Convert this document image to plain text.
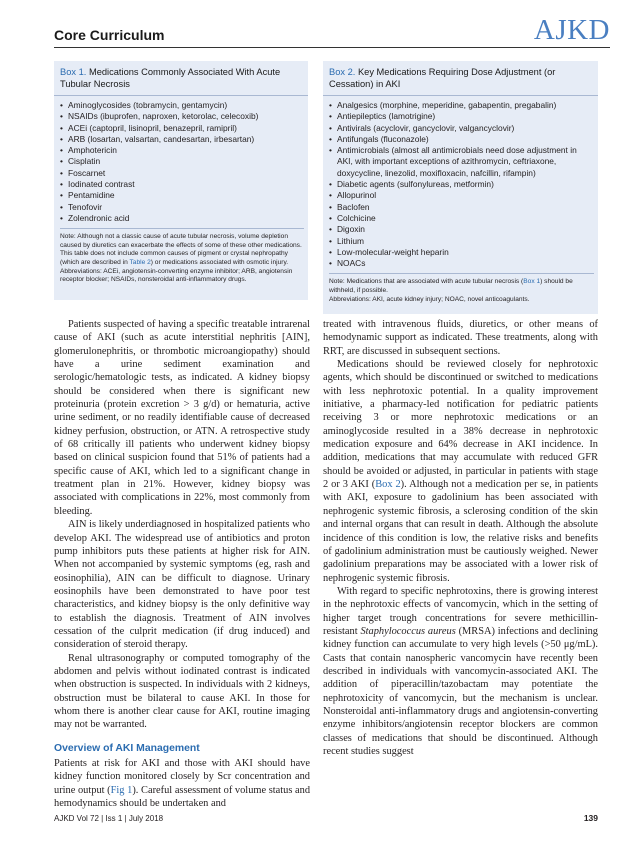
Core Curriculum	AJKD
Box 1. Medications Commonly Associated With Acute Tubular Necrosis
• Aminoglycosides (tobramycin, gentamycin)
• NSAIDs (ibuprofen, naproxen, ketorolac, celecoxib)
• ACEi (captopril, lisinopril, benazepril, ramipril)
• ARB (losartan, valsartan, candesartan, irbesartan)
• Amphotericin
• Cisplatin
• Foscarnet
• Iodinated contrast
• Pentamidine
• Tenofovir
• Zolendronic acid

Note: Although not a classic cause of acute tubular necrosis, volume depletion caused by diuretics can exacerbate the effects of some of these other medications. This table does not include common causes of pigment or crystal nephropathy (which are described in Table 2) or medications associated with osmotic injury.

Abbreviations: ACEi, angiotensin-converting enzyme inhibitor; ARB, angiotensin receptor blocker; NSAIDs, nonsteroidal anti-inflammatory drugs.

Box 2. Key Medications Requiring Dose Adjustment (or Cessation) in AKI
• Analgesics (morphine, meperidine, gabapentin, pregabalin)
• Antiepileptics (lamotrigine)
• Antivirals (acyclovir, gancyclovir, valgancyclovir)
• Antifungals (fluconazole)
• Antimicrobials (almost all antimicrobials need dose adjustment in AKI, with important exceptions of azithromycin, ceftriaxone, doxycycline, linezolid, moxifloxacin, nafcillin, rifampin)
• Diabetic agents (sulfonylureas, metformin)
• Allopurinol
• Baclofen
• Colchicine
• Digoxin
• Lithium
• Low-molecular-weight heparin
• NOACs

Note: Medications that are associated with acute tubular necrosis (Box 1) should be withheld, if possible.

Abbreviations: AKI, acute kidney injury; NOAC, novel anticoagulants.

Patients suspected of having a specific treatable intrarenal cause of AKI (such as acute interstitial nephritis [AIN], glomerulonephritis, or thrombotic microangiopathy) should have a urine sediment examination and serologic/hematologic tests, as indicated. A kidney biopsy should be considered when there is significant new proteinuria (protein excretion > 3 g/d) or hematuria, active urine sediment, or no readily identifiable cause of decreased kidney perfusion, obstruction, or ATN. A retrospective study of 68 critically ill patients who underwent kidney biopsy based on clinical suspicion found that 51% of patients had a specific cause of AKI, which led to a significant change in treatment plan in 21%. However, kidney biopsy was associated with complications in 22%, most commonly from bleeding.

AIN is likely underdiagnosed in hospitalized patients who develop AKI. The widespread use of antibiotics and proton pump inhibitors puts these patients at higher risk for AIN. When not accompanied by systemic symptoms (eg, rash and eosinophilia), AIN can be difficult to diagnose. Urinary eosinophils have been demonstrated to have poor test characteristics, and kidney biopsy is the only definitive way to establish the diagnosis. Treatment of AIN involves cessation of the culprit medication (if drug induced) and consideration of steroid therapy.

Renal ultrasonography or computed tomography of the abdomen and pelvis without iodinated contrast is indicated when obstruction is suspected. In individuals with 2 kidneys, obstruction must be bilateral to cause AKI. In those for whom there is another clear cause for AKI, routine imaging may not be warranted.

Overview of AKI Management

Patients at risk for AKI and those with AKI should have kidney function monitored closely by Scr concentration and urine output (Fig 1). Careful assessment of volume status and hemodynamics should be undertaken and

treated with intravenous fluids, diuretics, or other means of hemodynamic support as indicated. These treatments, along with RRT, are discussed in subsequent sections.

Medications should be reviewed closely for nephrotoxic agents, which should be discontinued or switched to medications with less nephrotoxic potential. In a quality improvement initiative, a pharmacy-led notification for pediatric patients receiving 3 or more nephrotoxic medications or an aminoglycoside resulted in a 38% decrease in nephrotoxic medication exposure and 64% decrease in AKI incidence. In addition, medications that may accumulate with reduced GFR should be avoided or adjusted, in particular in patients with stage 2 or 3 AKI (Box 2). Although not a medication per se, in patients with AKI, exposure to gadolinium has been associated with nephrogenic systemic fibrosis, a sclerosing condition of the skin and internal organs that can result in death. Although the absolute incidence of this condition is low, the relative risks and benefits of gadolinium administration must be cautiously weighed. Newer gadolinium preparations may be associated with a lower risk of nephrogenic systemic fibrosis.

With regard to specific nephrotoxins, there is growing interest in the nephrotoxic effects of vancomycin, which in the setting of higher target trough concentrations for severe methicillin-resistant Staphylococcus aureus (MRSA) infections and declining kidney function can accumulate to very high levels (>50 μg/mL). Casts that contain nanospheric vancomycin have recently been described in individuals with vancomycin-associated AKI. The addition of piperacillin/tazobactam may potentiate the nephrotoxicity of vancomycin, but the mechanism is unclear. Nonsteroidal anti-inflammatory drugs and angiotensin-converting enzyme inhibitors/angiotensin receptor blockers are common classes of medications that should be discontinued. Although recent studies suggest

AJKD Vol 72 | Iss 1 | July 2018	139
